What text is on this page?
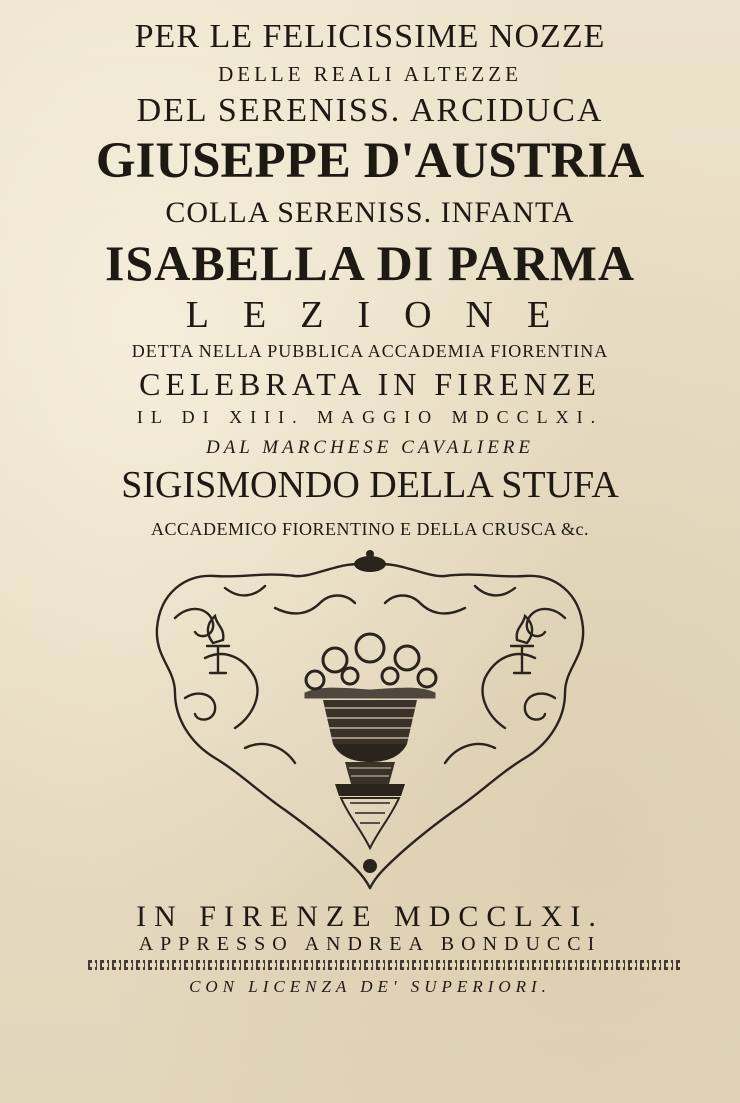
PER LE FELICISSIME NOZZE
DELLE REALI ALTEZZE
DEL SERENISS. ARCIDUCA
GIUSEPPE D'AUSTRIA
COLLA SERENISS. INFANTA
ISABELLA DI PARMA
LEZIONE
DETTA NELLA PUBBLICA ACCADEMIA FIORENTINA
CELEBRATA IN FIRENZE
IL DI XIII. MAGGIO MDCCLXI.
DAL MARCHESE CAVALIERE
SIGISMONDO DELLA STUFA
ACCADEMICO FIORENTINO E DELLA CRUSCA &c.
IN FIRENZE MDCCLXI.
APPRESSO ANDREA BONDUCCI
CON LICENZA DE' SUPERIORI.
